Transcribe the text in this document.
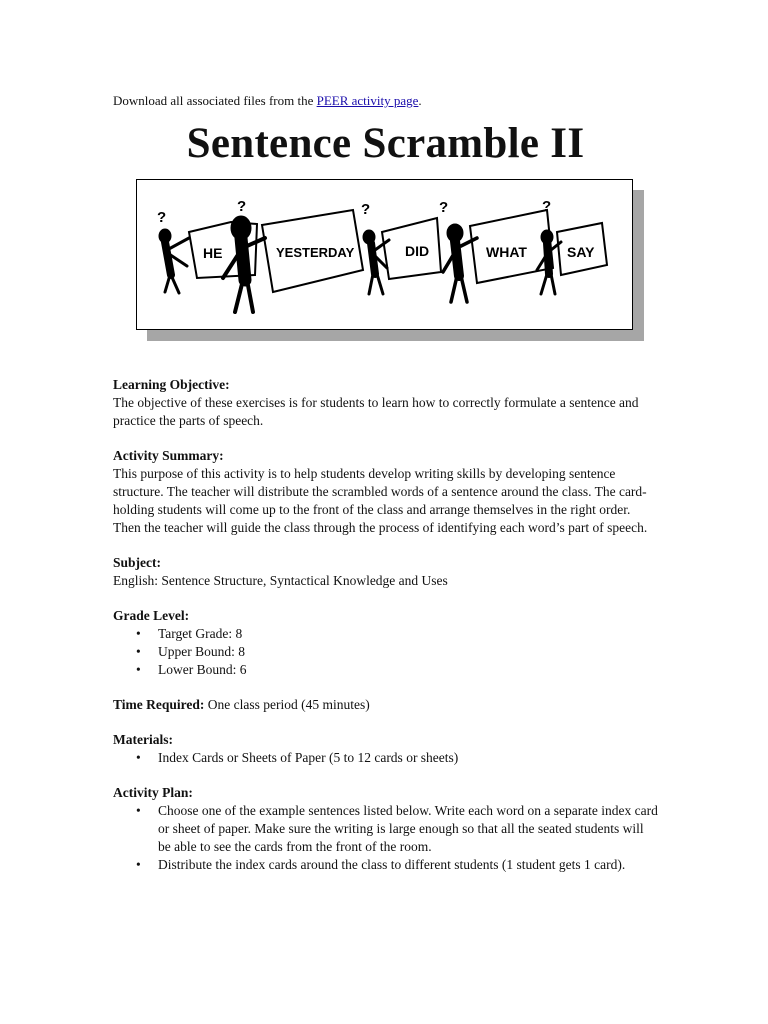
Download all associated files from the PEER activity page.
Sentence Scramble II
HE	YESTERDAY	DID	WHAT	SAY
?
?	?	?	?
Learning Objective:
The objective of these exercises is for students to learn how to correctly formulate a sentence and practice the parts of speech.
Activity Summary:
This purpose of this activity is to help students develop writing skills by developing sentence structure. The teacher will distribute the scrambled words of a sentence around the class. The card-holding students will come up to the front of the class and arrange themselves in the right order. Then the teacher will guide the class through the process of identifying each word’s part of speech.
Subject:
English: Sentence Structure, Syntactical Knowledge and Uses
Grade Level:
• Target Grade: 8
• Upper Bound: 8
• Lower Bound: 6
Time Required: One class period (45 minutes)
Materials:
• Index Cards or Sheets of Paper (5 to 12 cards or sheets)
Activity Plan:
• Choose one of the example sentences listed below. Write each word on a separate index card or sheet of paper. Make sure the writing is large enough so that all the seated students will be able to see the cards from the front of the room.
• Distribute the index cards around the class to different students (1 student gets 1 card).
